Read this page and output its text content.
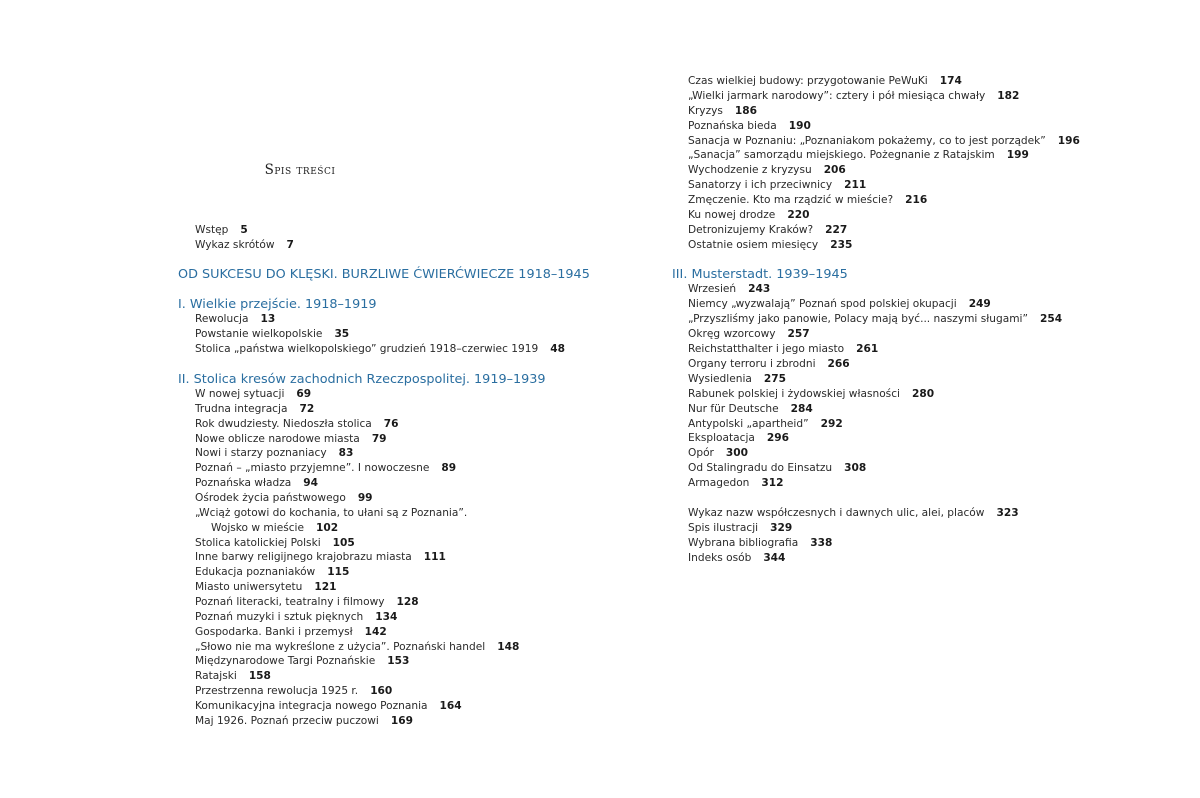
Spis treści
Wstęp 5
Wykaz skrótów 7
OD SUKCESU DO KLĘSKI. BURZLIWE ĆWIERĆWIECZE 1918–1945
I. Wielkie przejście. 1918–1919
Rewolucja 13
Powstanie wielkopolskie 35
Stolica „państwa wielkopolskiego” grudzień 1918–czerwiec 1919 48
II. Stolica kresów zachodnich Rzeczpospolitej. 1919–1939
W nowej sytuacji 69
Trudna integracja 72
Rok dwudziesty. Niedoszła stolica 76
Nowe oblicze narodowe miasta 79
Nowi i starzy poznaniacy 83
Poznań – „miasto przyjemne”. I nowoczesne 89
Poznańska władza 94
Ośrodek życia państwowego 99
„Wciąż gotowi do kochania, to ułani są z Poznania”.
Wojsko w mieście 102
Stolica katolickiej Polski 105
Inne barwy religijnego krajobrazu miasta 111
Edukacja poznaniaków 115
Miasto uniwersytetu 121
Poznań literacki, teatralny i filmowy 128
Poznań muzyki i sztuk pięknych 134
Gospodarka. Banki i przemysł 142
„Słowo nie ma wykreślone z użycia”. Poznański handel 148
Międzynarodowe Targi Poznańskie 153
Ratajski 158
Przestrzenna rewolucja 1925 r. 160
Komunikacyjna integracja nowego Poznania 164
Maj 1926. Poznań przeciw puczowi 169
Czas wielkiej budowy: przygotowanie PeWuKi 174
„Wielki jarmark narodowy”: cztery i pół miesiąca chwały 182
Kryzys 186
Poznańska bieda 190
Sanacja w Poznaniu: „Poznaniakom pokażemy, co to jest porządek” 196
„Sanacja” samorządu miejskiego. Pożegnanie z Ratajskim 199
Wychodzenie z kryzysu 206
Sanatorzy i ich przeciwnicy 211
Zmęczenie. Kto ma rządzić w mieście? 216
Ku nowej drodze 220
Detronizujemy Kraków? 227
Ostatnie osiem miesięcy 235
III. Musterstadt. 1939–1945
Wrzesień 243
Niemcy „wyzwalają” Poznań spod polskiej okupacji 249
„Przyszliśmy jako panowie, Polacy mają być... naszymi sługami” 254
Okręg wzorcowy 257
Reichstatthalter i jego miasto 261
Organy terroru i zbrodni 266
Wysiedlenia 275
Rabunek polskiej i żydowskiej własności 280
Nur für Deutsche 284
Antypolski „apartheid” 292
Eksploatacja 296
Opór 300
Od Stalingradu do Einsatzu 308
Armagedon 312
Wykaz nazw współczesnych i dawnych ulic, alei, placów 323
Spis ilustracji 329
Wybrana bibliografia 338
Indeks osób 344
